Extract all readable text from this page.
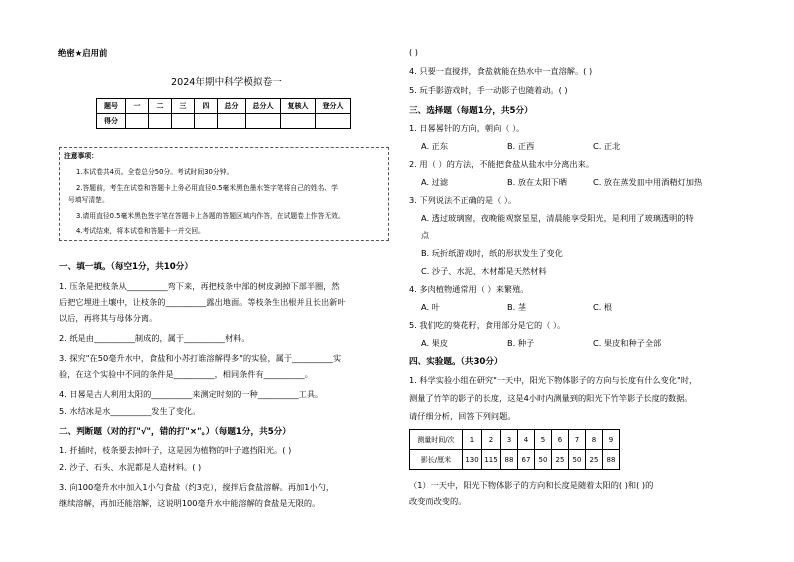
绝密★启用前
2024年期中科学模拟卷一
题号	一	二	三	四	总分	总分人	复核人	登分人
得分								
注意事项：
1.本试卷共4页。全卷总分50分。考试时间30分钟。
2.答题前，考生在试卷和答题卡上务必用直径0.5毫米黑色墨水签字笔将自己的姓名、学
号填写清楚。
3.请用直径0.5毫米黑色签字笔在答题卡上各题的答题区域内作答，在试题卷上作答无效。
4.考试结束，将本试卷和答题卡一并交回。
一、填一填。（每空1分，共10分）
1. 压条是把枝条从__________弯下来，再把枝条中部的树皮剥掉下部半圈，然
后把它埋进土壤中，让枝条的__________露出地面。等枝条生出根并且长出新叶
以后，再将其与母体分离。
2. 纸是由__________制成的，属于__________材料。
3. 探究"在50毫升水中，食盐和小苏打谁溶解得多"的实验，属于__________实
验，在这个实验中不同的条件是__________，相同条件有__________。
4. 日晷是古人利用太阳的__________来测定时刻的一种__________工具。
5. 水结冰是水__________发生了变化。
二、判断题（对的打"√"，错的打"×"。）（每题1分，共5分）
1. 扦插时，枝条要去掉叶子，这是因为植物的叶子遮挡阳光。( )
2. 沙子、石头、水泥都是人造材料。( )
3. 向100毫升水中加入1小勺食盐（约3克），搅拌后食盐溶解。再加1小勺，
继续溶解，再加还能溶解，这说明100毫升水中能溶解的食盐是无限的。
( )
4. 只要一直搅拌，食盐就能在热水中一直溶解。( )
5. 玩手影游戏时，手一动影子也随着动。( )
三、选择题（每题1分，共5分）
1. 日晷晷针的方向，朝向（ ）。
A. 正东	B. 正西	C. 正北
2. 用（ ）的方法，不能把食盐从盐水中分离出来。
A. 过滤	B. 放在太阳下晒	C. 放在蒸发皿中用酒精灯加热
3. 下列说法不正确的是（ ）。
A. 透过玻璃窗，夜晚能观察星星，清晨能享受阳光，是利用了玻璃透明的特
点
B. 玩折纸游戏时，纸的形状发生了变化
C. 沙子、水泥、木材都是天然材料
4. 多肉植物通常用（ ）来繁殖。
A. 叶	B. 茎	C. 根
5. 我们吃的葵花籽，食用部分是它的（ ）。
A. 果皮	B. 种子	C. 果皮和种子全部
四、实验题。（共30分）
1. 科学实验小组在研究"一天中，阳光下物体影子的方向与长度有什么变化"时，
测量了竹竿的影子的长度，这是4小时内测量到的阳光下竹竿影子长度的数据。
请仔细分析，回答下列问题。
测量时间/次	1	2	3	4	5	6	7	8	9
影长/厘米	130	115	88	67	50	25	50	25	88
（1）一天中，阳光下物体影子的方向和长度是随着太阳的( )和( )的
改变而改变的。
